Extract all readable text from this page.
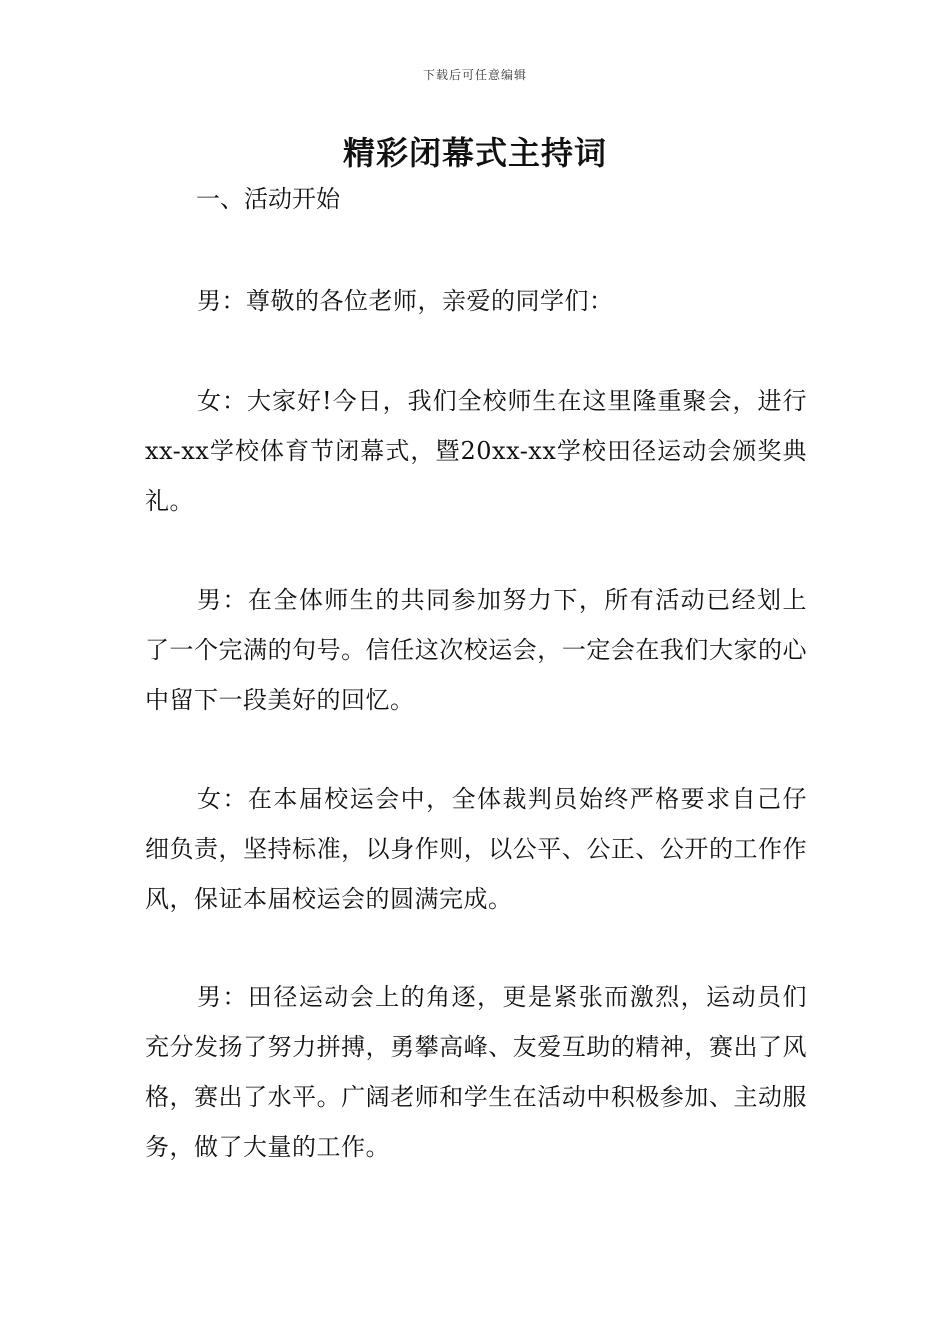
下载后可任意编辑
精彩闭幕式主持词
一、活动开始

男：尊敬的各位老师，亲爱的同学们：

女：大家好!今日，我们全校师生在这里隆重聚会，进行xx-xx学校体育节闭幕式，暨20xx-xx学校田径运动会颁奖典礼。

男：在全体师生的共同参加努力下，所有活动已经划上了一个完满的句号。信任这次校运会，一定会在我们大家的心中留下一段美好的回忆。

女：在本届校运会中，全体裁判员始终严格要求自己仔细负责，坚持标准，以身作则，以公平、公正、公开的工作作风，保证本届校运会的圆满完成。

男：田径运动会上的角逐，更是紧张而激烈，运动员们充分发扬了努力拼搏，勇攀高峰、友爱互助的精神，赛出了风格，赛出了水平。广阔老师和学生在活动中积极参加、主动服务，做了大量的工作。
